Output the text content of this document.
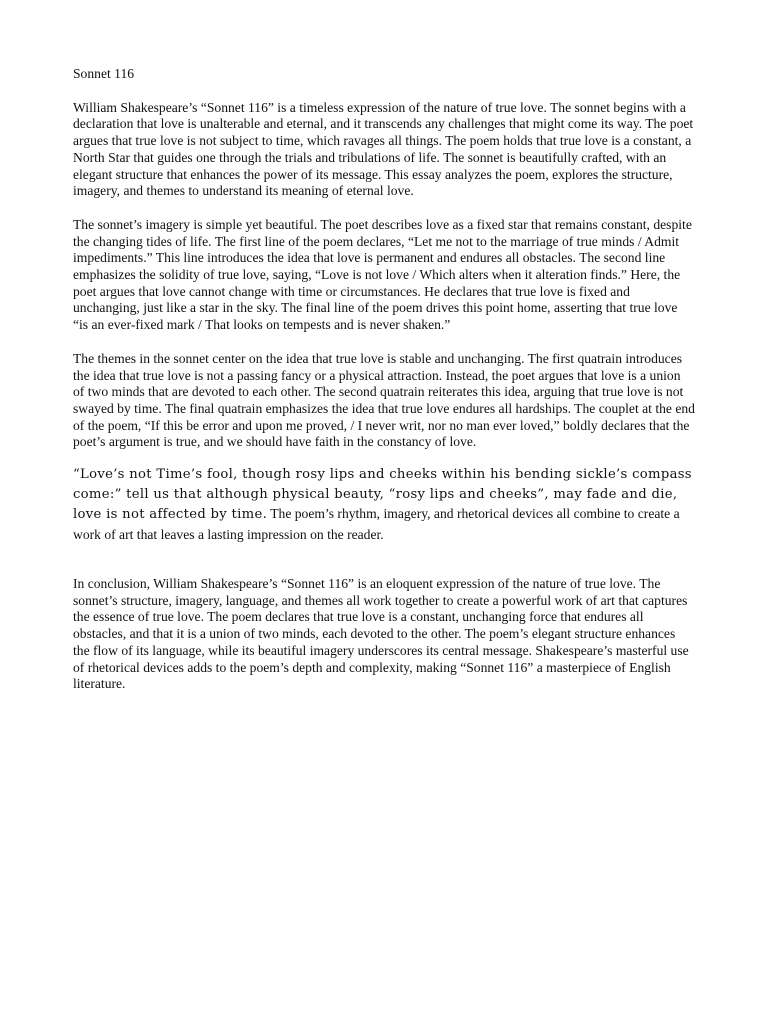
Sonnet 116

William Shakespeare’s “Sonnet 116” is a timeless expression of the nature of true love. The sonnet begins with a declaration that love is unalterable and eternal, and it transcends any challenges that might come its way. The poet argues that true love is not subject to time, which ravages all things. The poem holds that true love is a constant, a North Star that guides one through the trials and tribulations of life. The sonnet is beautifully crafted, with an elegant structure that enhances the power of its message. This essay analyzes the poem, explores the structure, imagery, and themes to understand its meaning of eternal love.

The sonnet’s imagery is simple yet beautiful. The poet describes love as a fixed star that remains constant, despite the changing tides of life. The first line of the poem declares, “Let me not to the marriage of true minds / Admit impediments.” This line introduces the idea that love is permanent and endures all obstacles. The second line emphasizes the solidity of true love, saying, “Love is not love / Which alters when it alteration finds.” Here, the poet argues that love cannot change with time or circumstances. He declares that true love is fixed and unchanging, just like a star in the sky. The final line of the poem drives this point home, asserting that true love “is an ever-fixed mark / That looks on tempests and is never shaken.”

The themes in the sonnet center on the idea that true love is stable and unchanging. The first quatrain introduces the idea that true love is not a passing fancy or a physical attraction. Instead, the poet argues that love is a union of two minds that are devoted to each other. The second quatrain reiterates this idea, arguing that true love is not swayed by time. The final quatrain emphasizes the idea that true love endures all hardships. The couplet at the end of the poem, “If this be error and upon me proved, / I never writ, nor no man ever loved,” boldly declares that the poet’s argument is true, and we should have faith in the constancy of love.

“Love’s not Time’s fool, though rosy lips and cheeks within his bending sickle’s compass come:” tell us that although physical beauty, “rosy lips and cheeks”, may fade and die, love is not affected by time. The poem’s rhythm, imagery, and rhetorical devices all combine to create a work of art that leaves a lasting impression on the reader.

In conclusion, William Shakespeare’s “Sonnet 116” is an eloquent expression of the nature of true love. The sonnet’s structure, imagery, language, and themes all work together to create a powerful work of art that captures the essence of true love. The poem declares that true love is a constant, unchanging force that endures all obstacles, and that it is a union of two minds, each devoted to the other. The poem’s elegant structure enhances the flow of its language, while its beautiful imagery underscores its central message. Shakespeare’s masterful use of rhetorical devices adds to the poem’s depth and complexity, making “Sonnet 116” a masterpiece of English literature.
